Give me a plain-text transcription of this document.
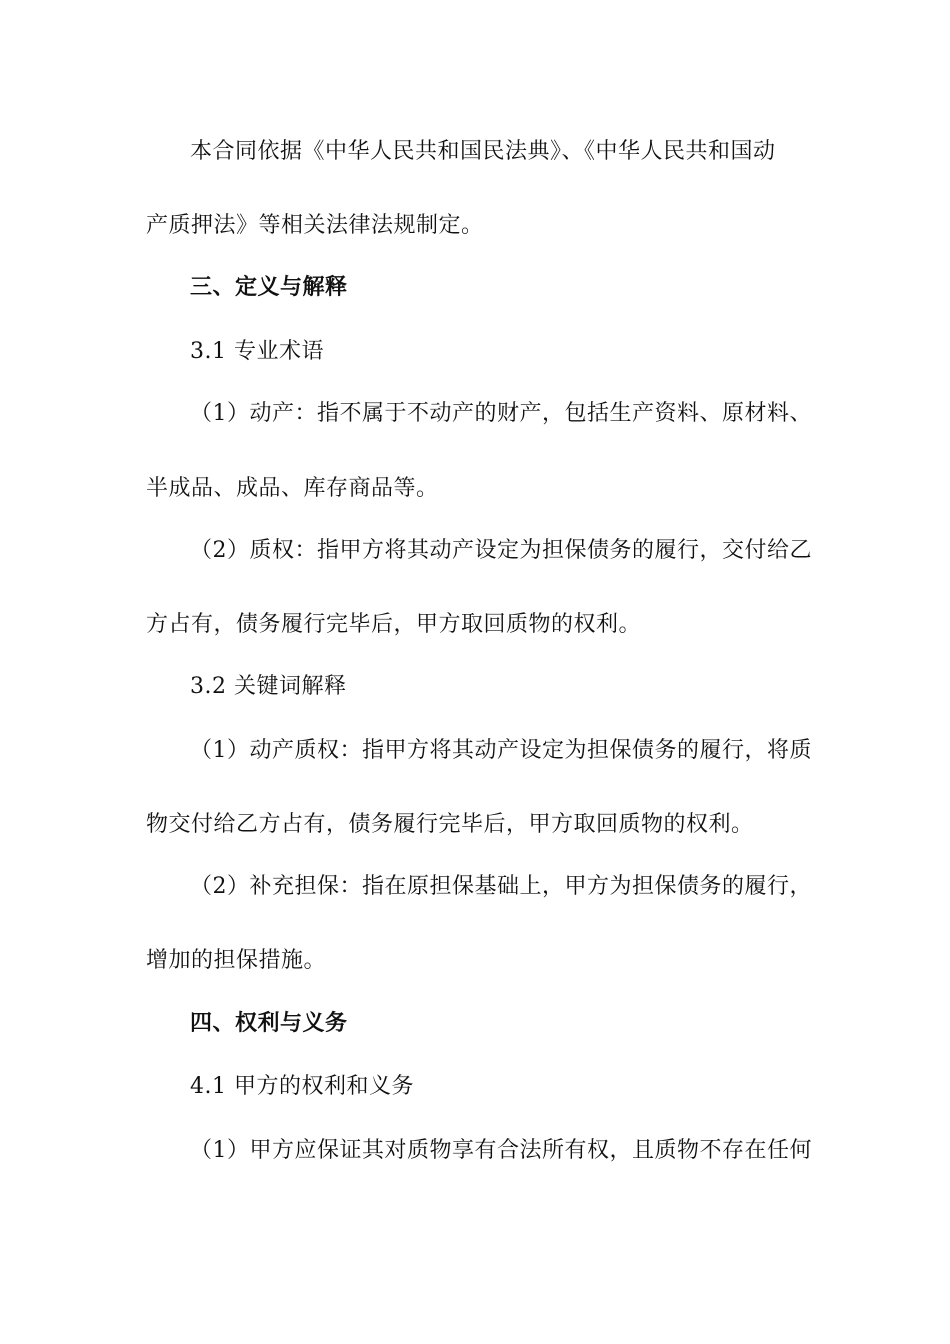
本合同依据《中华人民共和国民法典》、《中华人民共和国动
产质押法》等相关法律法规制定。
三、定义与解释
3.1 专业术语
（1）动产：指不属于不动产的财产，包括生产资料、原材料、
半成品、成品、库存商品等。
（2）质权：指甲方将其动产设定为担保债务的履行，交付给乙
方占有，债务履行完毕后，甲方取回质物的权利。
3.2 关键词解释
（1）动产质权：指甲方将其动产设定为担保债务的履行，将质
物交付给乙方占有，债务履行完毕后，甲方取回质物的权利。
（2）补充担保：指在原担保基础上，甲方为担保债务的履行，
增加的担保措施。
四、权利与义务
4.1 甲方的权利和义务
（1）甲方应保证其对质物享有合法所有权，且质物不存在任何
